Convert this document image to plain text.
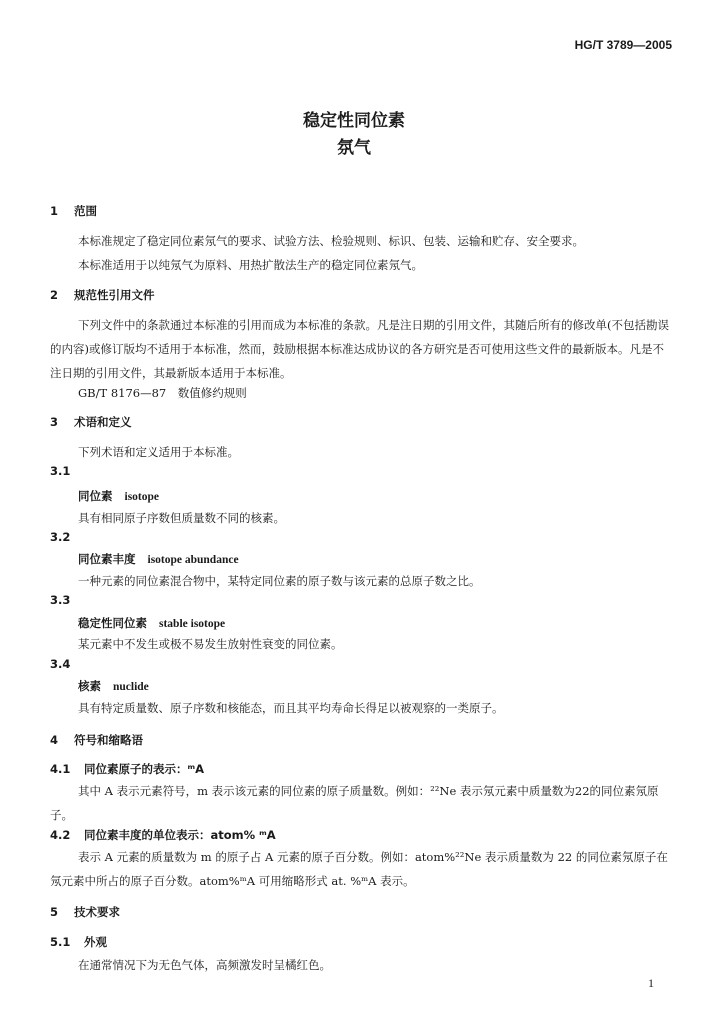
HG/T 3789—2005
稳定性同位素
氛气
1 范围
本标准规定了稳定同位素氖气的要求、试验方法、检验规则、标识、包装、运输和贮存、安全要求。
本标准适用于以纯氖气为原料、用热扩散法生产的稳定同位素氖气。
2 规范性引用文件
下列文件中的条款通过本标准的引用而成为本标准的条款。凡是注日期的引用文件，其随后所有的修改单(不包括勘误的内容)或修订版均不适用于本标准，然而，鼓励根据本标准达成协议的各方研究是否可使用这些文件的最新版本。凡是不注日期的引用文件，其最新版本适用于本标准。
GB/T 8176—87　数值修约规则
3 术语和定义
下列术语和定义适用于本标准。
3.1
同位素 isotope
具有相同原子序数但质量数不同的核素。
3.2
同位素丰度 isotope abundance
一种元素的同位素混合物中，某特定同位素的原子数与该元素的总原子数之比。
3.3
稳定性同位素 stable isotope
某元素中不发生或极不易发生放射性衰变的同位素。
3.4
核素 nuclide
具有特定质量数、原子序数和核能态，而且其平均寿命长得足以被观察的一类原子。
4 符号和缩略语
4.1 同位素原子的表示：ᵐA
其中 A 表示元素符号，m 表示该元素的同位素的原子质量数。例如：²²Ne 表示氖元素中质量数为22的同位素氖原子。
4.2 同位素丰度的单位表示：atom% ᵐA
表示 A 元素的质量数为 m 的原子占 A 元素的原子百分数。例如：atom%²²Ne 表示质量数为 22 的同位素氖原子在氖元素中所占的原子百分数。atom%ᵐA 可用缩略形式 at. %ᵐA 表示。
5 技术要求
5.1 外观
在通常情况下为无色气体，高频激发时呈橘红色。
1
